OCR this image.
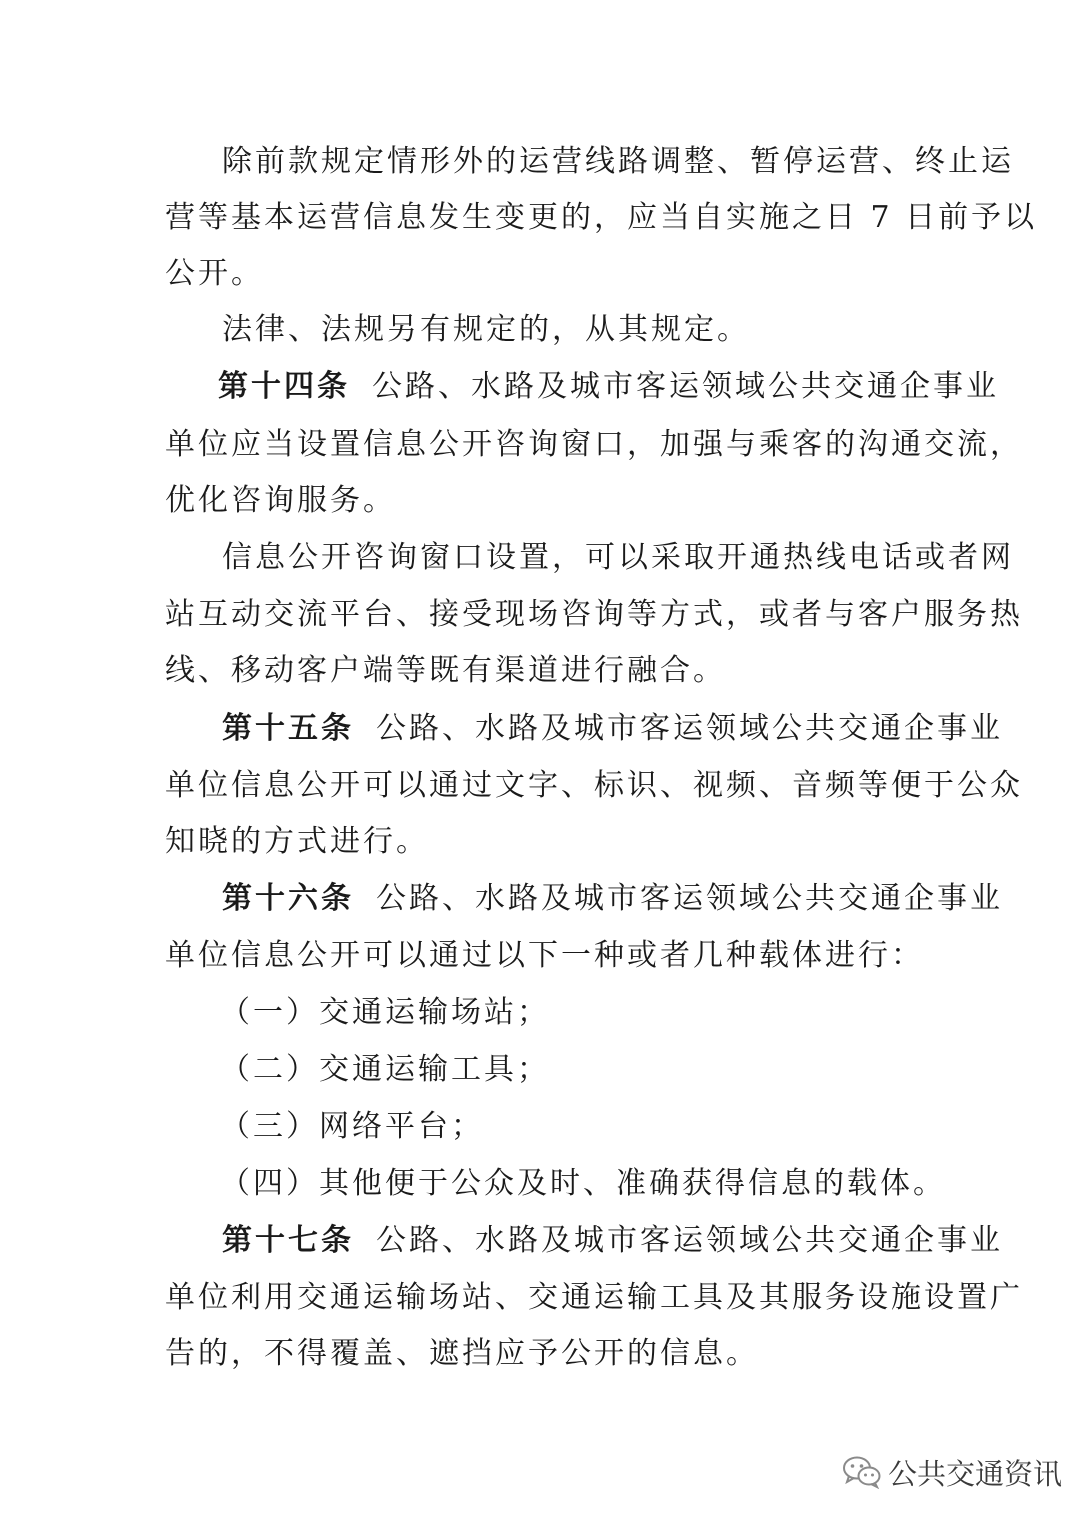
除前款规定情形外的运营线路调整、暂停运营、终止运
营等基本运营信息发生变更的，应当自实施之日 7 日前予以
公开。
法律、法规另有规定的，从其规定。
第十四条 公路、水路及城市客运领域公共交通企事业
单位应当设置信息公开咨询窗口，加强与乘客的沟通交流，
优化咨询服务。
信息公开咨询窗口设置，可以采取开通热线电话或者网
站互动交流平台、接受现场咨询等方式，或者与客户服务热
线、移动客户端等既有渠道进行融合。
第十五条 公路、水路及城市客运领域公共交通企事业
单位信息公开可以通过文字、标识、视频、音频等便于公众
知晓的方式进行。
第十六条 公路、水路及城市客运领域公共交通企事业
单位信息公开可以通过以下一种或者几种载体进行：
（一）交通运输场站；
（二）交通运输工具；
（三）网络平台；
（四）其他便于公众及时、准确获得信息的载体。
第十七条 公路、水路及城市客运领域公共交通企事业
单位利用交通运输场站、交通运输工具及其服务设施设置广
告的，不得覆盖、遮挡应予公开的信息。
公共交通资讯
